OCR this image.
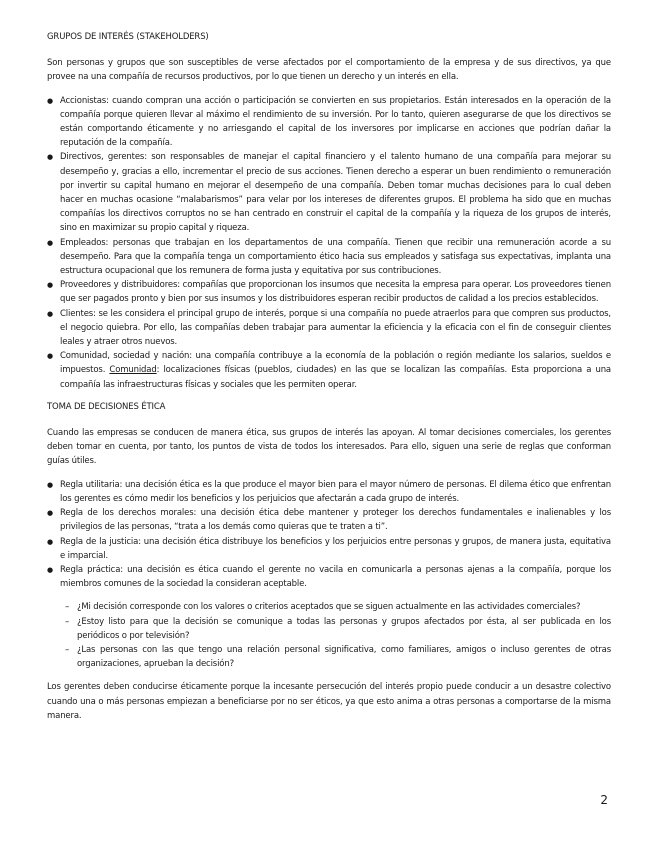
GRUPOS DE INTERÉS (STAKEHOLDERS)

Son personas y grupos que son susceptibles de verse afectados por el comportamiento de la empresa y de sus directivos, ya que provee na una compañía de recursos productivos, por lo que tienen un derecho y un interés en ella.

● Accionistas: cuando compran una acción o participación se convierten en sus propietarios. Están interesados en la operación de la compañía porque quieren llevar al máximo el rendimiento de su inversión. Por lo tanto, quieren asegurarse de que los directivos se están comportando éticamente y no arriesgando el capital de los inversores por implicarse en acciones que podrían dañar la reputación de la compañía.
● Directivos, gerentes: son responsables de manejar el capital financiero y el talento humano de una compañía para mejorar su desempeño y, gracias a ello, incrementar el precio de sus acciones. Tienen derecho a esperar un buen rendimiento o remuneración por invertir su capital humano en mejorar el desempeño de una compañía. Deben tomar muchas decisiones para lo cual deben hacer en muchas ocasione “malabarismos” para velar por los intereses de diferentes grupos. El problema ha sido que en muchas compañías los directivos corruptos no se han centrado en construir el capital de la compañía y la riqueza de los grupos de interés, sino en maximizar su propio capital y riqueza.
● Empleados: personas que trabajan en los departamentos de una compañía. Tienen que recibir una remuneración acorde a su desempeño. Para que la compañía tenga un comportamiento ético hacia sus empleados y satisfaga sus expectativas, implanta una estructura ocupacional que los remunera de forma justa y equitativa por sus contribuciones.
● Proveedores y distribuidores: compañías que proporcionan los insumos que necesita la empresa para operar. Los proveedores tienen que ser pagados pronto y bien por sus insumos y los distribuidores esperan recibir productos de calidad a los precios establecidos.
● Clientes: se les considera el principal grupo de interés, porque si una compañía no puede atraerlos para que compren sus productos, el negocio quiebra. Por ello, las compañías deben trabajar para aumentar la eficiencia y la eficacia con el fin de conseguir clientes leales y atraer otros nuevos.
● Comunidad, sociedad y nación: una compañía contribuye a la economía de la población o región mediante los salarios, sueldos e impuestos. Comunidad: localizaciones físicas (pueblos, ciudades) en las que se localizan las compañías. Esta proporciona a una compañía las infraestructuras físicas y sociales que les permiten operar.
TOMA DE DECISIONES ÉTICA

Cuando las empresas se conducen de manera ética, sus grupos de interés las apoyan. Al tomar decisiones comerciales, los gerentes deben tomar en cuenta, por tanto, los puntos de vista de todos los interesados. Para ello, siguen una serie de reglas que conforman guías útiles.

● Regla utilitaria: una decisión ética es la que produce el mayor bien para el mayor número de personas. El dilema ético que enfrentan los gerentes es cómo medir los beneficios y los perjuicios que afectarán a cada grupo de interés.
● Regla de los derechos morales: una decisión ética debe mantener y proteger los derechos fundamentales e inalienables y los privilegios de las personas, “trata a los demás como quieras que te traten a ti”.
● Regla de la justicia: una decisión ética distribuye los beneficios y los perjuicios entre personas y grupos, de manera justa, equitativa e imparcial.
● Regla práctica: una decisión es ética cuando el gerente no vacila en comunicarla a personas ajenas a la compañía, porque los miembros comunes de la sociedad la consideran aceptable.
– ¿Mi decisión corresponde con los valores o criterios aceptados que se siguen actualmente en las actividades comerciales?
– ¿Estoy listo para que la decisión se comunique a todas las personas y grupos afectados por ésta, al ser publicada en los periódicos o por televisión?
– ¿Las personas con las que tengo una relación personal significativa, como familiares, amigos o incluso gerentes de otras organizaciones, aprueban la decisión?

Los gerentes deben conducirse éticamente porque la incesante persecución del interés propio puede conducir a un desastre colectivo cuando una o más personas empiezan a beneficiarse por no ser éticos, ya que esto anima a otras personas a comportarse de la misma manera.

2
